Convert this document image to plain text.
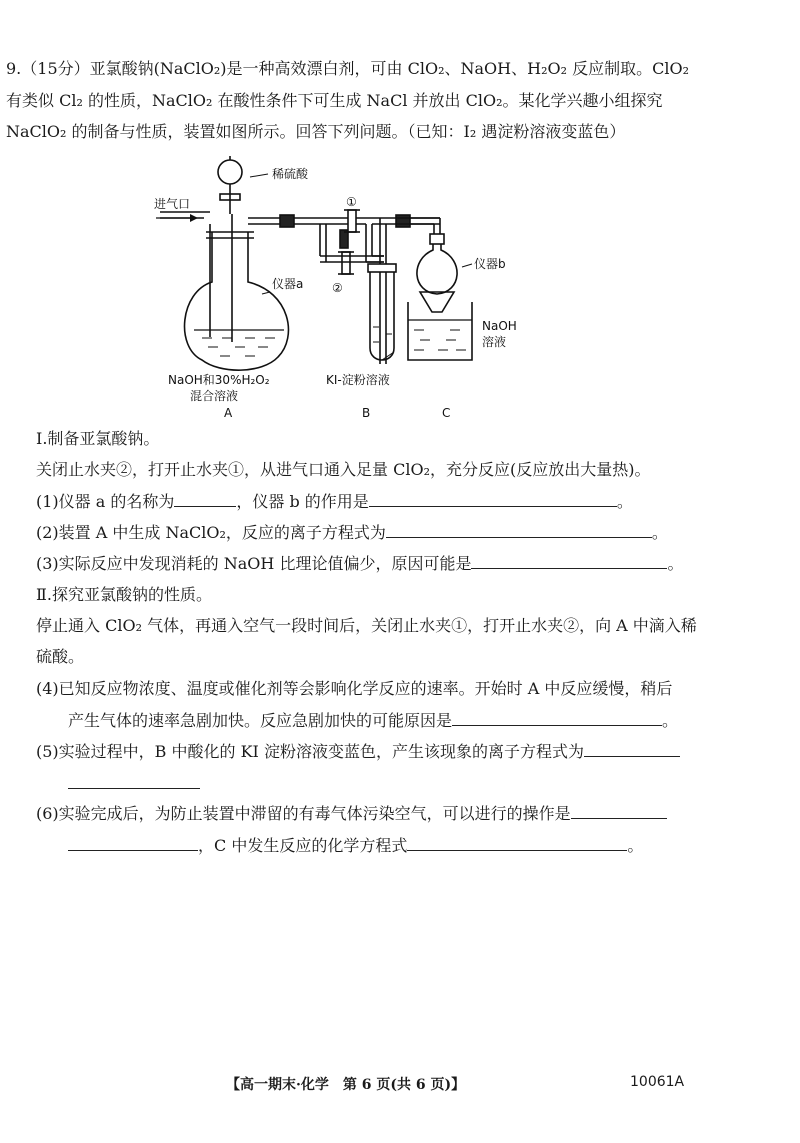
9.（15分）亚氯酸钠(NaClO₂)是一种高效漂白剂，可由 ClO₂、NaOH、H₂O₂ 反应制取。ClO₂
有类似 Cl₂ 的性质，NaClO₂ 在酸性条件下可生成 NaCl 并放出 ClO₂。某化学兴趣小组探究
NaClO₂ 的制备与性质，装置如图所示。回答下列问题。（已知：I₂ 遇淀粉溶液变蓝色）
稀硫酸
进气口	①
②
仪器a
仪器b
NaOH
溶液
NaOH和30%H₂O₂
混合溶液
KI-淀粉溶液
A	B	C
Ⅰ.制备亚氯酸钠。
关闭止水夹②，打开止水夹①，从进气口通入足量 ClO₂，充分反应(反应放出大量热)。
(1)仪器 a 的名称为	，仪器 b 的作用是	。
(2)装置 A 中生成 NaClO₂，反应的离子方程式为	。
(3)实际反应中发现消耗的 NaOH 比理论值偏少，原因可能是	。
Ⅱ.探究亚氯酸钠的性质。
停止通入 ClO₂ 气体，再通入空气一段时间后，关闭止水夹①，打开止水夹②，向 A 中滴入稀
硫酸。
(4)已知反应物浓度、温度或催化剂等会影响化学反应的速率。开始时 A 中反应缓慢，稍后
产生气体的速率急剧加快。反应急剧加快的可能原因是	。
(5)实验过程中，B 中酸化的 KI 淀粉溶液变蓝色，产生该现象的离子方程式为
(6)实验完成后，为防止装置中滞留的有毒气体污染空气，可以进行的操作是
，C 中发生反应的化学方程式	。
【高一期末·化学　第 6 页(共 6 页)】	10061A
